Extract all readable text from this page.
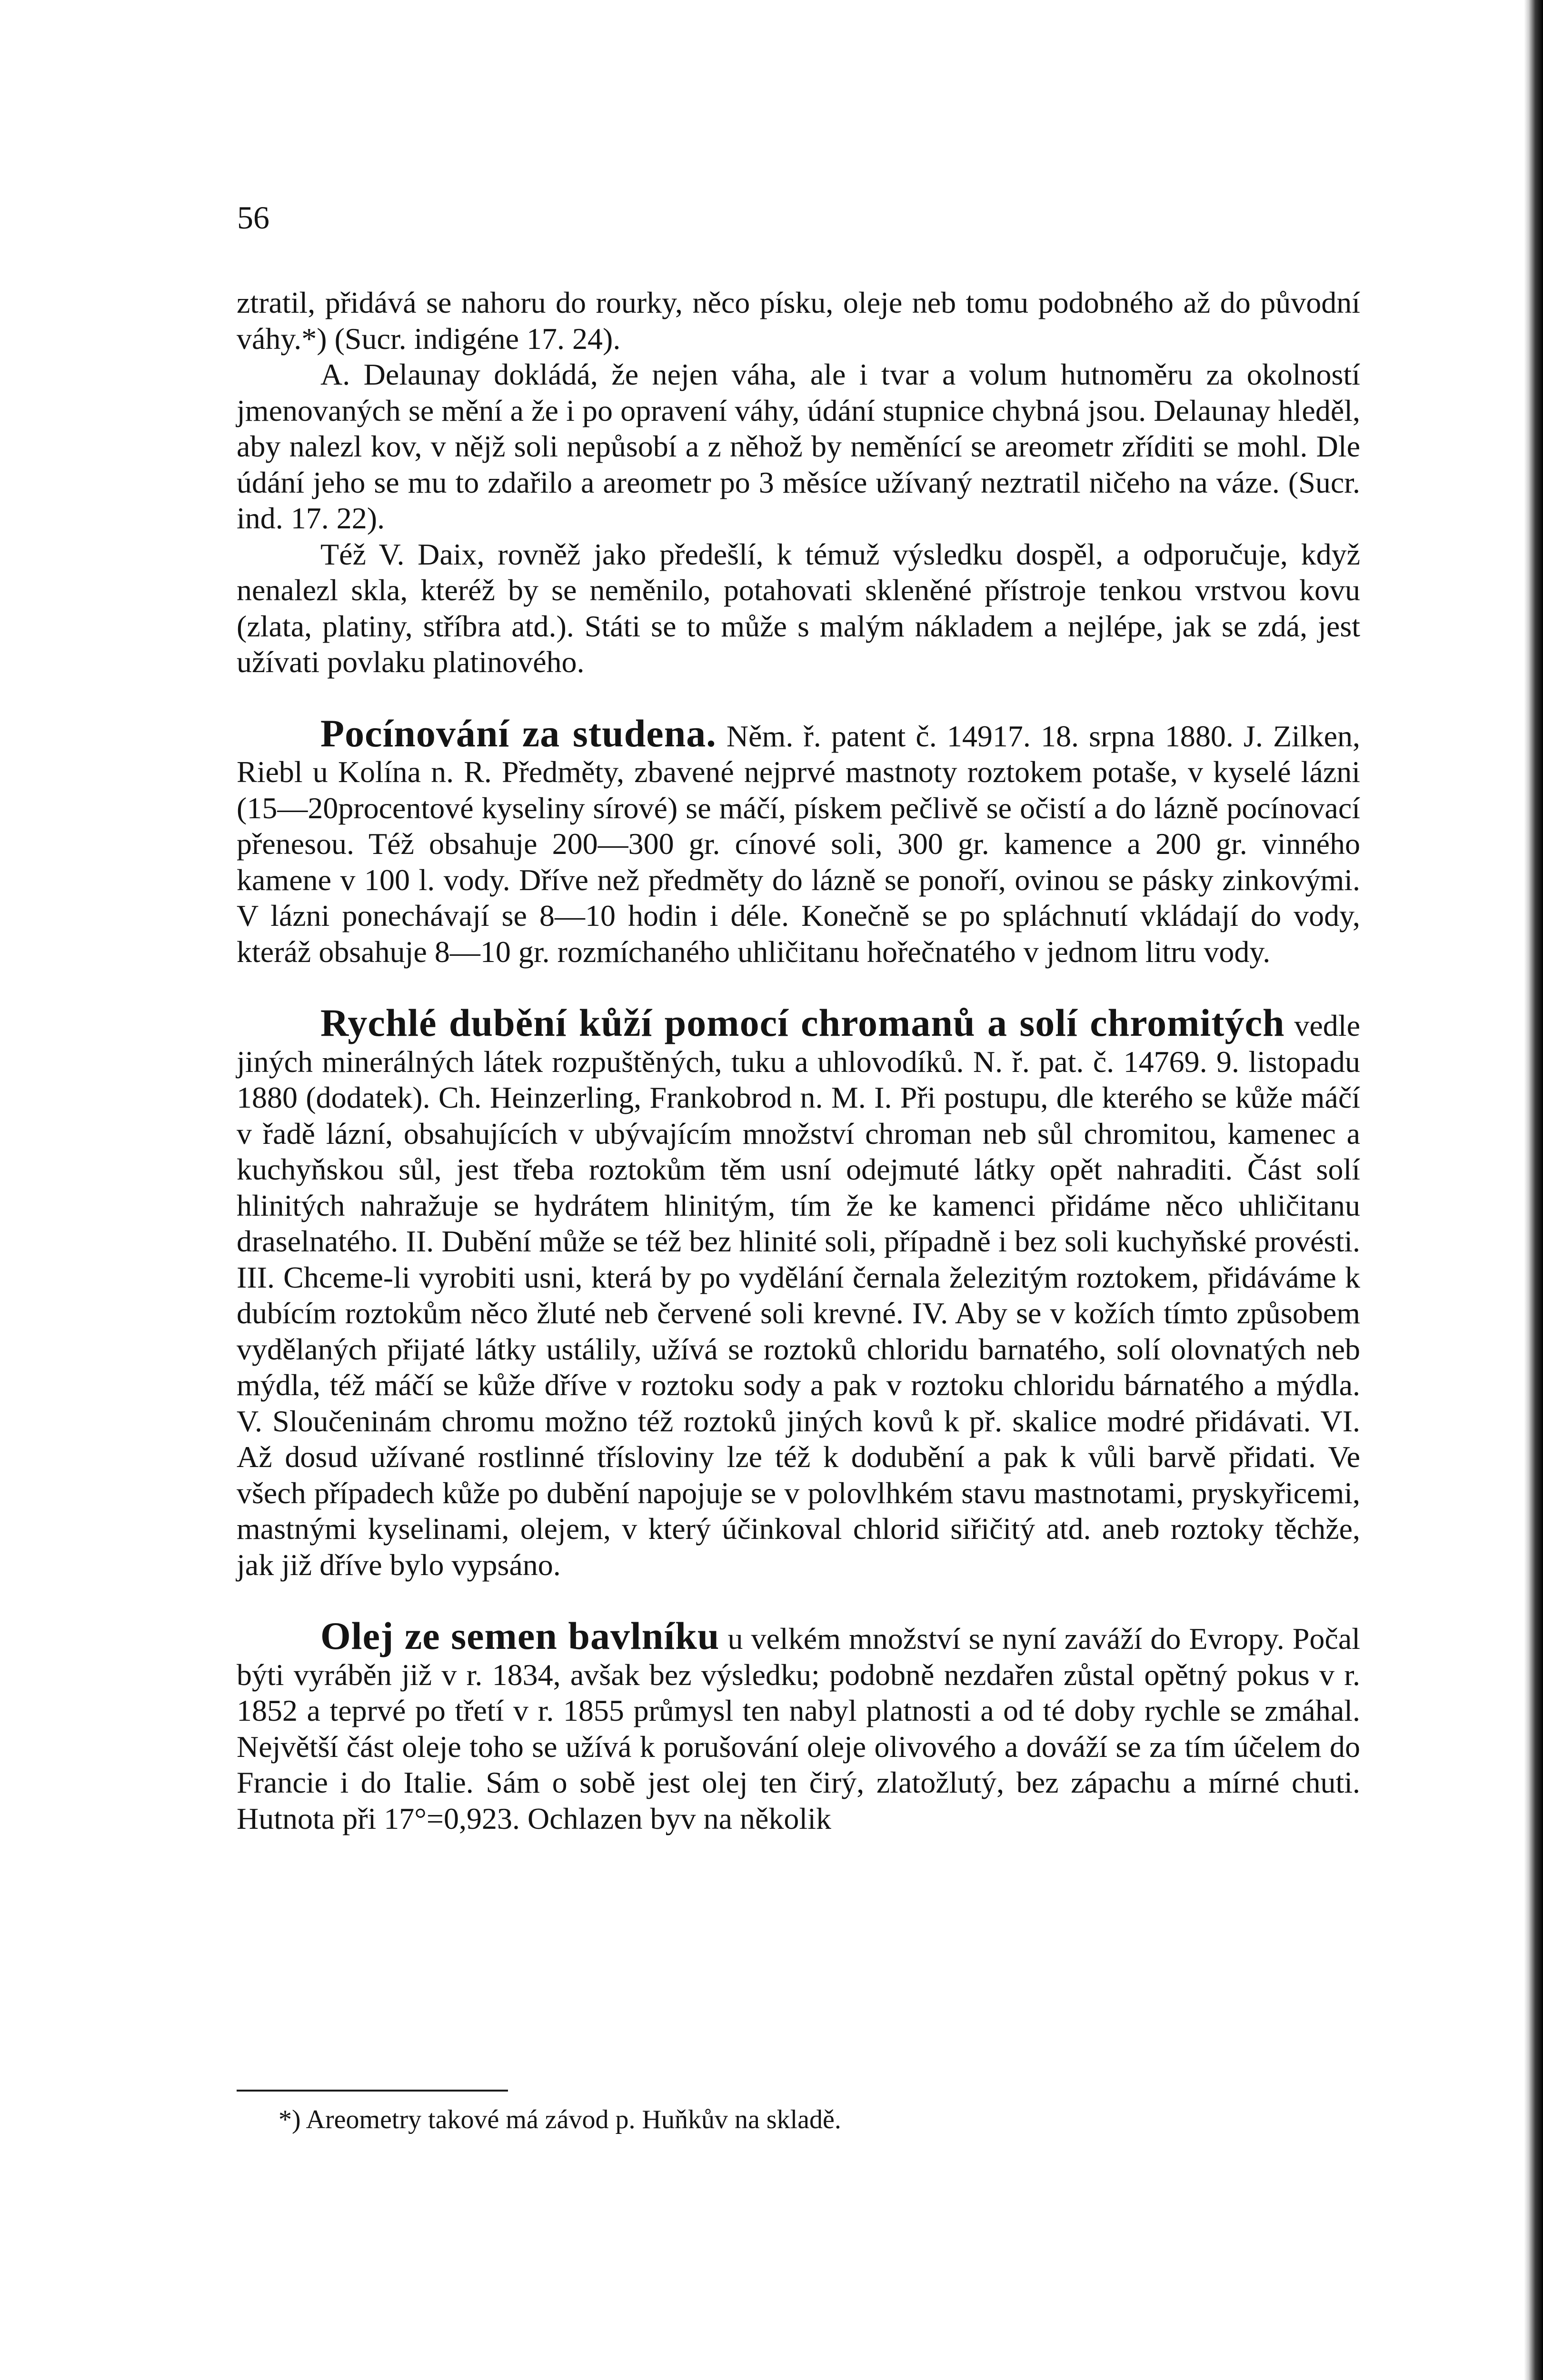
56

ztratil, přidává se nahoru do rourky, něco písku, oleje neb tomu podobného až do původní váhy.*) (Sucr. indigéne 17. 24).

A. Delaunay dokládá, že nejen váha, ale i tvar a volum hutnoměru za okolností jmenovaných se mění a že i po opravení váhy, údání stupnice chybná jsou. Delaunay hleděl, aby nalezl kov, v nějž soli nepůsobí a z něhož by neměnící se areometr zříditi se mohl. Dle údání jeho se mu to zdařilo a areometr po 3 měsíce užívaný neztratil ničeho na váze. (Sucr. ind. 17. 22).

Též V. Daix, rovněž jako předešlí, k témuž výsledku dospěl, a odporučuje, když nenalezl skla, kteréž by se neměnilo, potahovati skleněné přístroje tenkou vrstvou kovu (zlata, platiny, stříbra atd.). Státi se to může s malým nákladem a nejlépe, jak se zdá, jest užívati povlaku platinového.

Pocínování za studena. Něm. ř. patent č. 14917. 18. srpna 1880. J. Zilken, Riebl u Kolína n. R. Předměty, zbavené nejprvé mastnoty roztokem potaše, v kyselé lázni (15—20procentové kyseliny sírové) se máčí, pískem pečlivě se očistí a do lázně pocínovací přenesou. Též obsahuje 200—300 gr. cínové soli, 300 gr. kamence a 200 gr. vinného kamene v 100 l. vody. Dříve než předměty do lázně se ponoří, ovinou se pásky zinkovými. V lázni ponechávají se 8—10 hodin i déle. Konečně se po spláchnutí vkládají do vody, kteráž obsahuje 8—10 gr. rozmíchaného uhličitanu hořečnatého v jednom litru vody.

Rychlé dubění kůží pomocí chromanů a solí chromitých vedle jiných minerálných látek rozpuštěných, tuku a uhlovodíků. N. ř. pat. č. 14769. 9. listopadu 1880 (dodatek). Ch. Heinzerling, Frankobrod n. M. I. Při postupu, dle kterého se kůže máčí v řadě lázní, obsahujících v ubývajícím množství chroman neb sůl chromitou, kamenec a kuchyňskou sůl, jest třeba roztokům těm usní odejmuté látky opět nahraditi. Část solí hlinitých nahražuje se hydrátem hlinitým, tím že ke kamenci přidáme něco uhličitanu draselnatého. II. Dubění může se též bez hlinité soli, případně i bez soli kuchyňské provésti. III. Chceme-li vyrobiti usni, která by po vydělání černala železitým roztokem, přidáváme k dubícím roztokům něco žluté neb červené soli krevné. IV. Aby se v kožích tímto způsobem vydělaných přijaté látky ustálily, užívá se roztoků chloridu barnatého, solí olovnatých neb mýdla, též máčí se kůže dříve v roztoku sody a pak v roztoku chloridu bárnatého a mýdla. V. Sloučeninám chromu možno též roztoků jiných kovů k př. skalice modré přidávati. VI. Až dosud užívané rostlinné třísloviny lze též k dodubění a pak k vůli barvě přidati. Ve všech případech kůže po dubění napojuje se v polovlhkém stavu mastnotami, pryskyřicemi, mastnými kyselinami, olejem, v který účinkoval chlorid siřičitý atd. aneb roztoky těchže, jak již dříve bylo vypsáno.

Olej ze semen bavlníku u velkém množství se nyní zaváží do Evropy. Počal býti vyráběn již v r. 1834, avšak bez výsledku; podobně nezdařen zůstal opětný pokus v r. 1852 a teprvé po třetí v r. 1855 průmysl ten nabyl platnosti a od té doby rychle se zmáhal. Největší část oleje toho se užívá k porušování oleje olivového a dováží se za tím účelem do Francie i do Italie. Sám o sobě jest olej ten čirý, zlatožlutý, bez zápachu a mírné chuti. Hutnota při 17°=0,923. Ochlazen byv na několik

*) Areometry takové má závod p. Huňkův na skladě.
